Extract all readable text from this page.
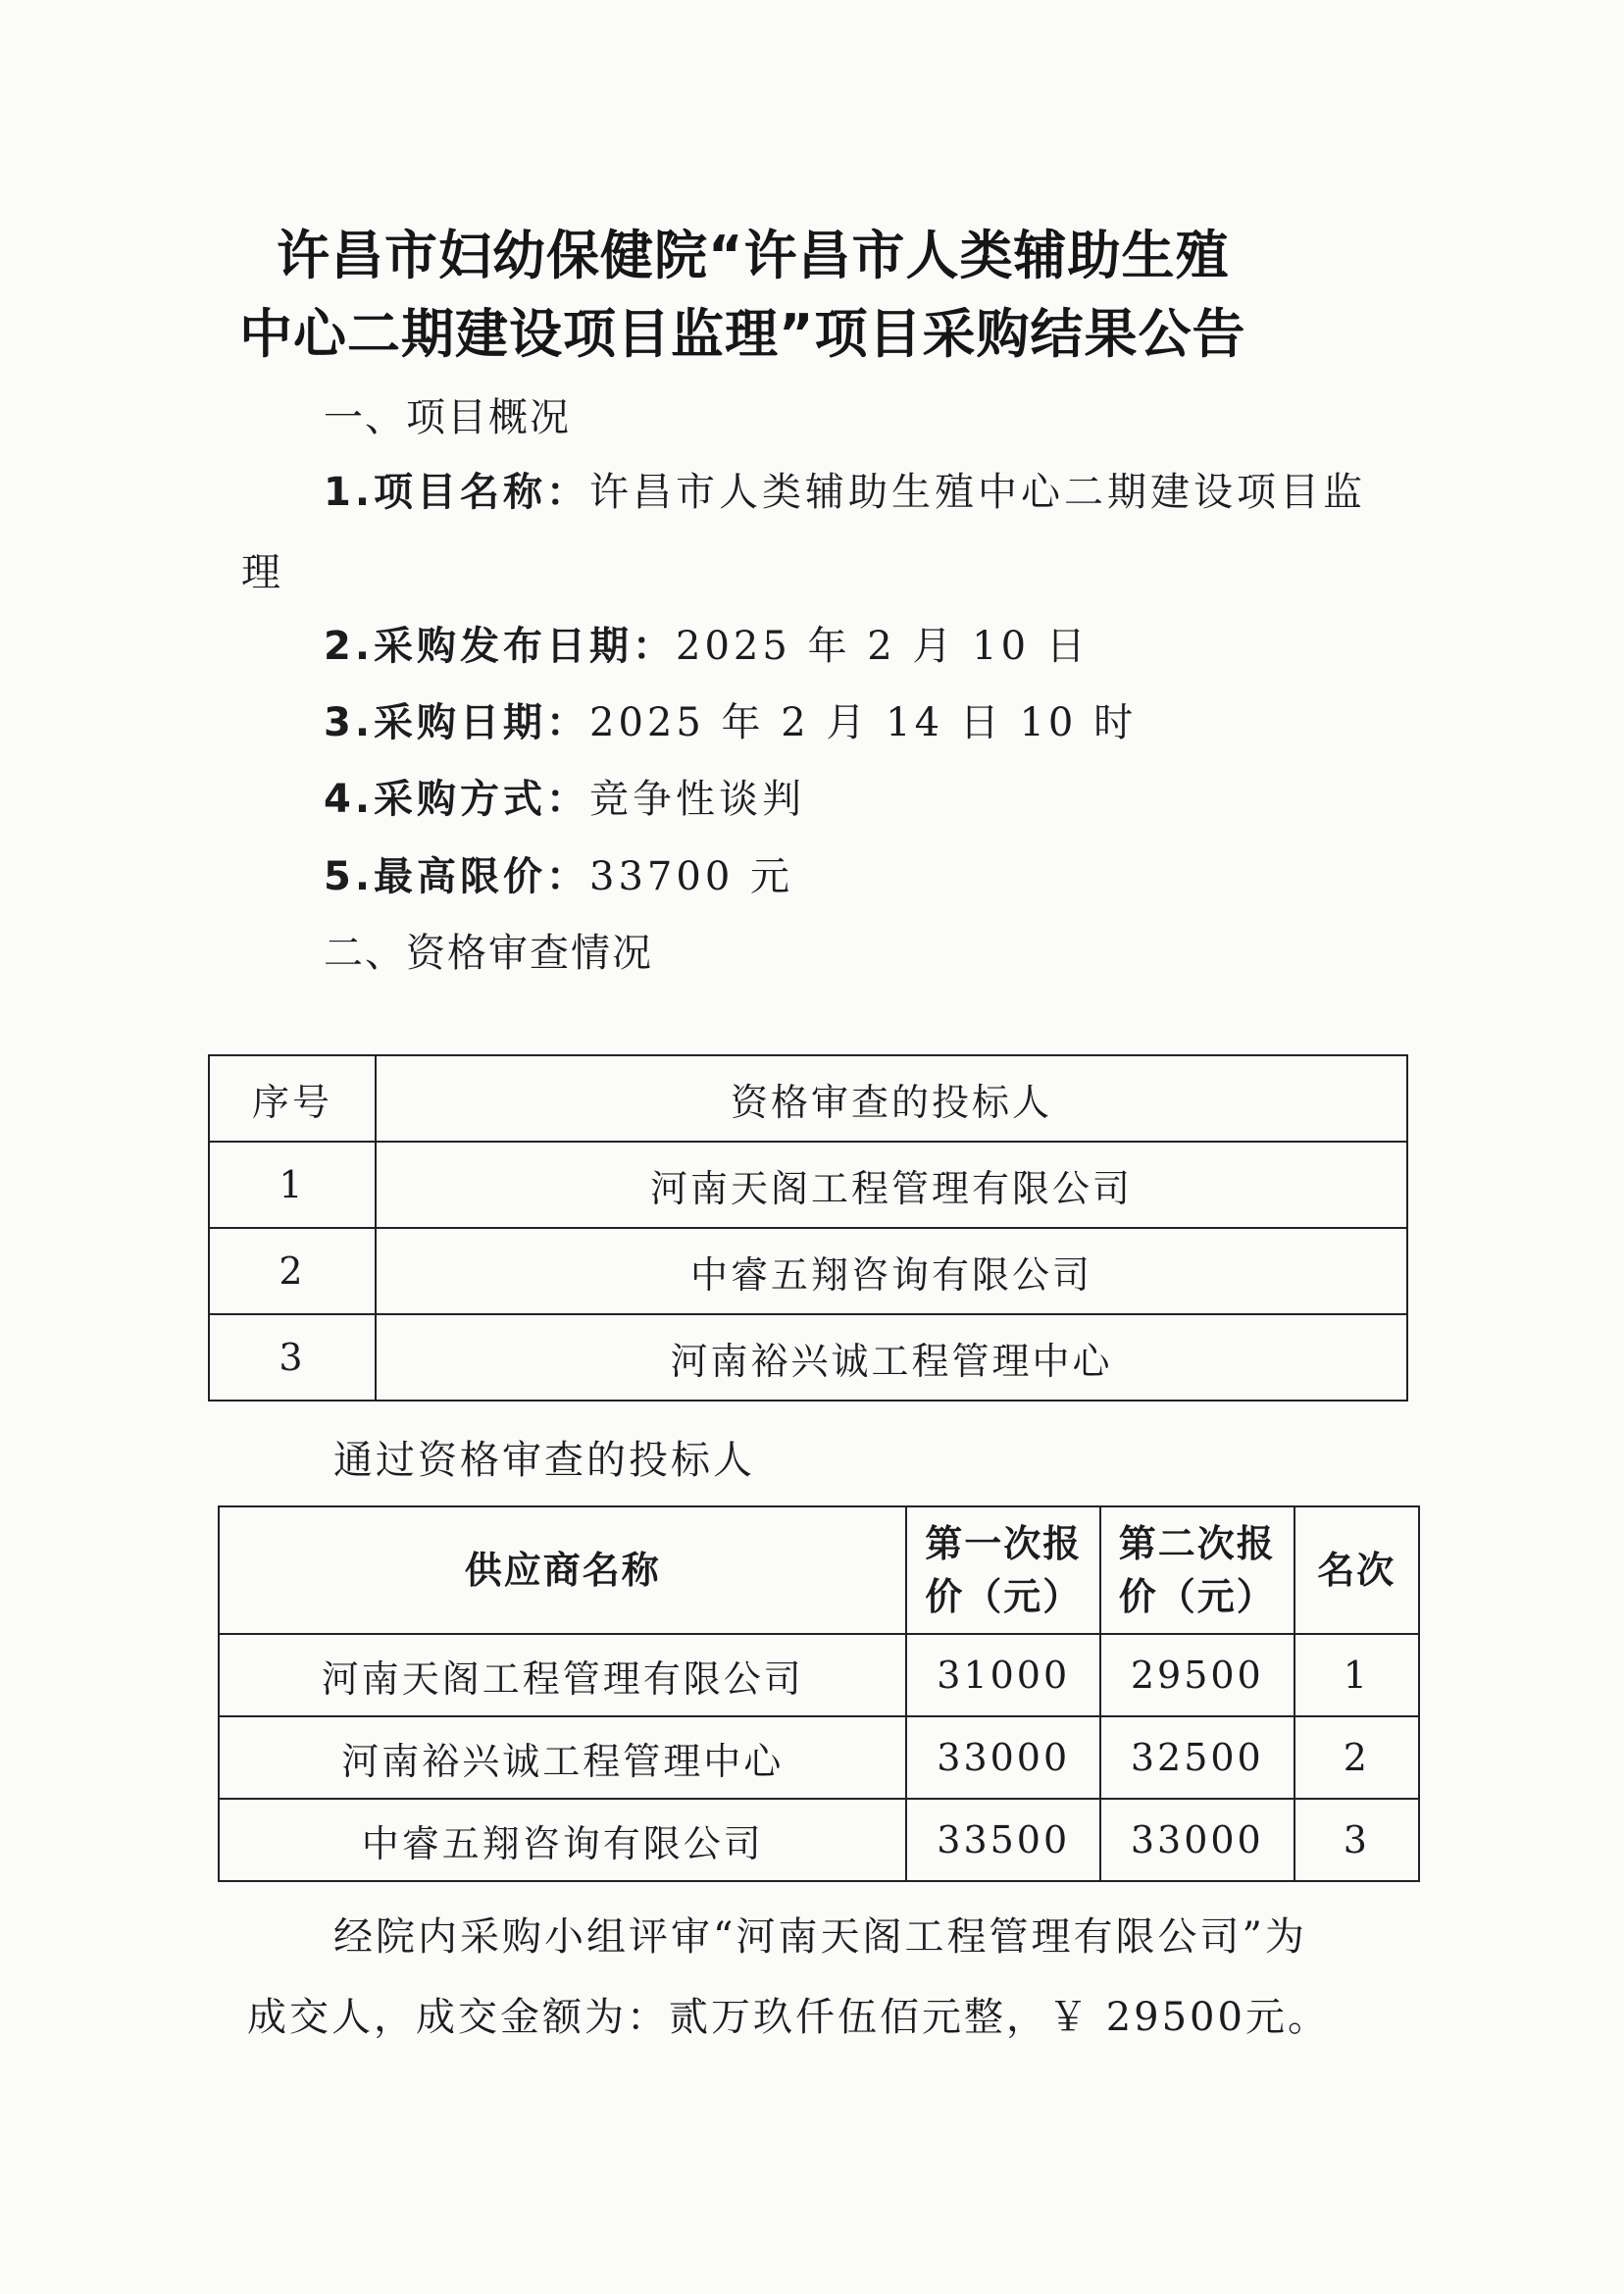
许昌市妇幼保健院“许昌市人类辅助生殖
中心二期建设项目监理”项目采购结果公告
一、项目概况
1.项目名称：许昌市人类辅助生殖中心二期建设项目监
理
2.采购发布日期：2025 年 2 月 10 日
3.采购日期：2025 年 2 月 14 日 10 时
4.采购方式：竞争性谈判
5.最高限价：33700 元
二、资格审查情况
序号	资格审查的投标人
1	河南天阁工程管理有限公司
2	中睿五翔咨询有限公司
3	河南裕兴诚工程管理中心
通过资格审查的投标人
供应商名称	第一次报价（元）	第二次报价（元）	名次
河南天阁工程管理有限公司	31000	29500	1
河南裕兴诚工程管理中心	33000	32500	2
中睿五翔咨询有限公司	33500	33000	3
经院内采购小组评审“河南天阁工程管理有限公司”为
成交人，成交金额为：贰万玖仟伍佰元整，￥ 29500元。
